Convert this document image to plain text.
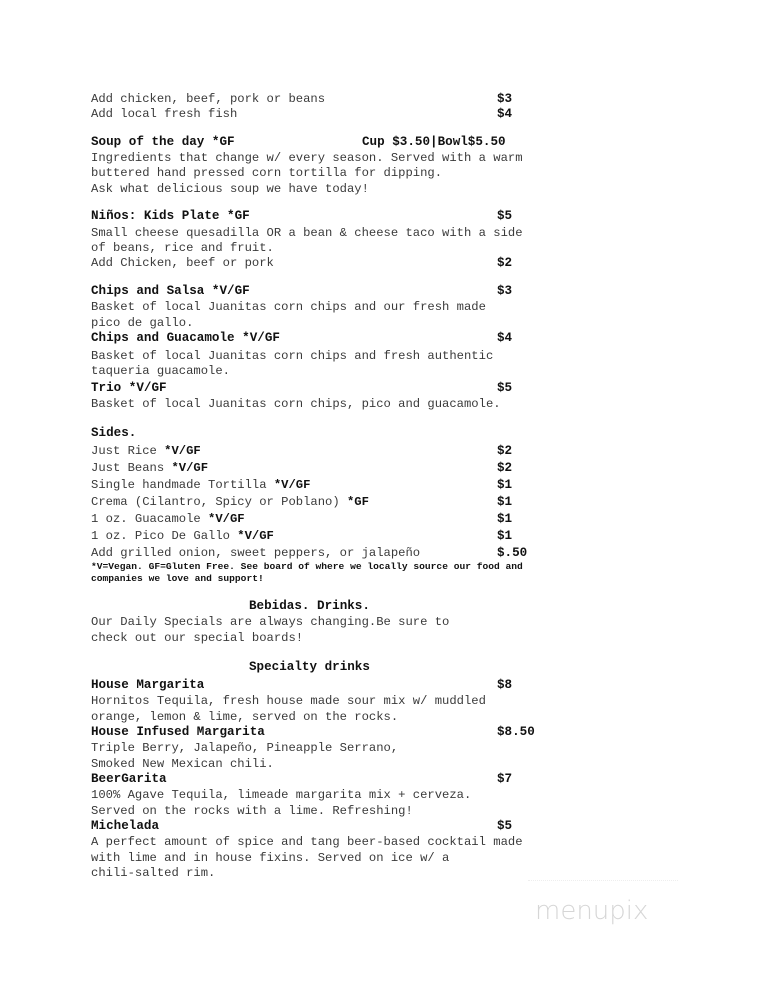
Add chicken, beef, pork or beans	$3
Add local fresh fish	$4
Soup of the day *GF	Cup $3.50|Bowl$5.50
Ingredients that change w/ every season. Served with a warm
buttered hand pressed corn tortilla for dipping.
Ask what delicious soup we have today!
Niños: Kids Plate *GF	$5
Small cheese quesadilla OR a bean & cheese taco with a side
of beans, rice and fruit.
Add Chicken, beef or pork	$2
Chips and Salsa *V/GF	$3
Basket of local Juanitas corn chips and our fresh made
pico de gallo.
Chips and Guacamole *V/GF	$4
Basket of local Juanitas corn chips and fresh authentic
taqueria guacamole.
Trio *V/GF	$5
Basket of local Juanitas corn chips, pico and guacamole.
Sides.
Just Rice *V/GF	$2
Just Beans *V/GF	$2
Single handmade Tortilla *V/GF	$1
Crema (Cilantro, Spicy or Poblano) *GF	$1
1 oz. Guacamole *V/GF	$1
1 oz. Pico De Gallo *V/GF	$1
Add grilled onion, sweet peppers, or jalapeño	$.50
*V=Vegan. GF=Gluten Free. See board of where we locally source our food and
companies we love and support!
Bebidas. Drinks.
Our Daily Specials are always changing.Be sure to
check out our special boards!
Specialty drinks
House Margarita	$8
Hornitos Tequila, fresh house made sour mix w/ muddled
orange, lemon & lime, served on the rocks.
House Infused Margarita	$8.50
Triple Berry, Jalapeño, Pineapple Serrano,
Smoked New Mexican chili.
BeerGarita	$7
100% Agave Tequila, limeade margarita mix + cerveza.
Served on the rocks with a lime. Refreshing!
Michelada	$5
A perfect amount of spice and tang beer-based cocktail made
with lime and in house fixins. Served on ice w/ a
chili-salted rim.
menupix
